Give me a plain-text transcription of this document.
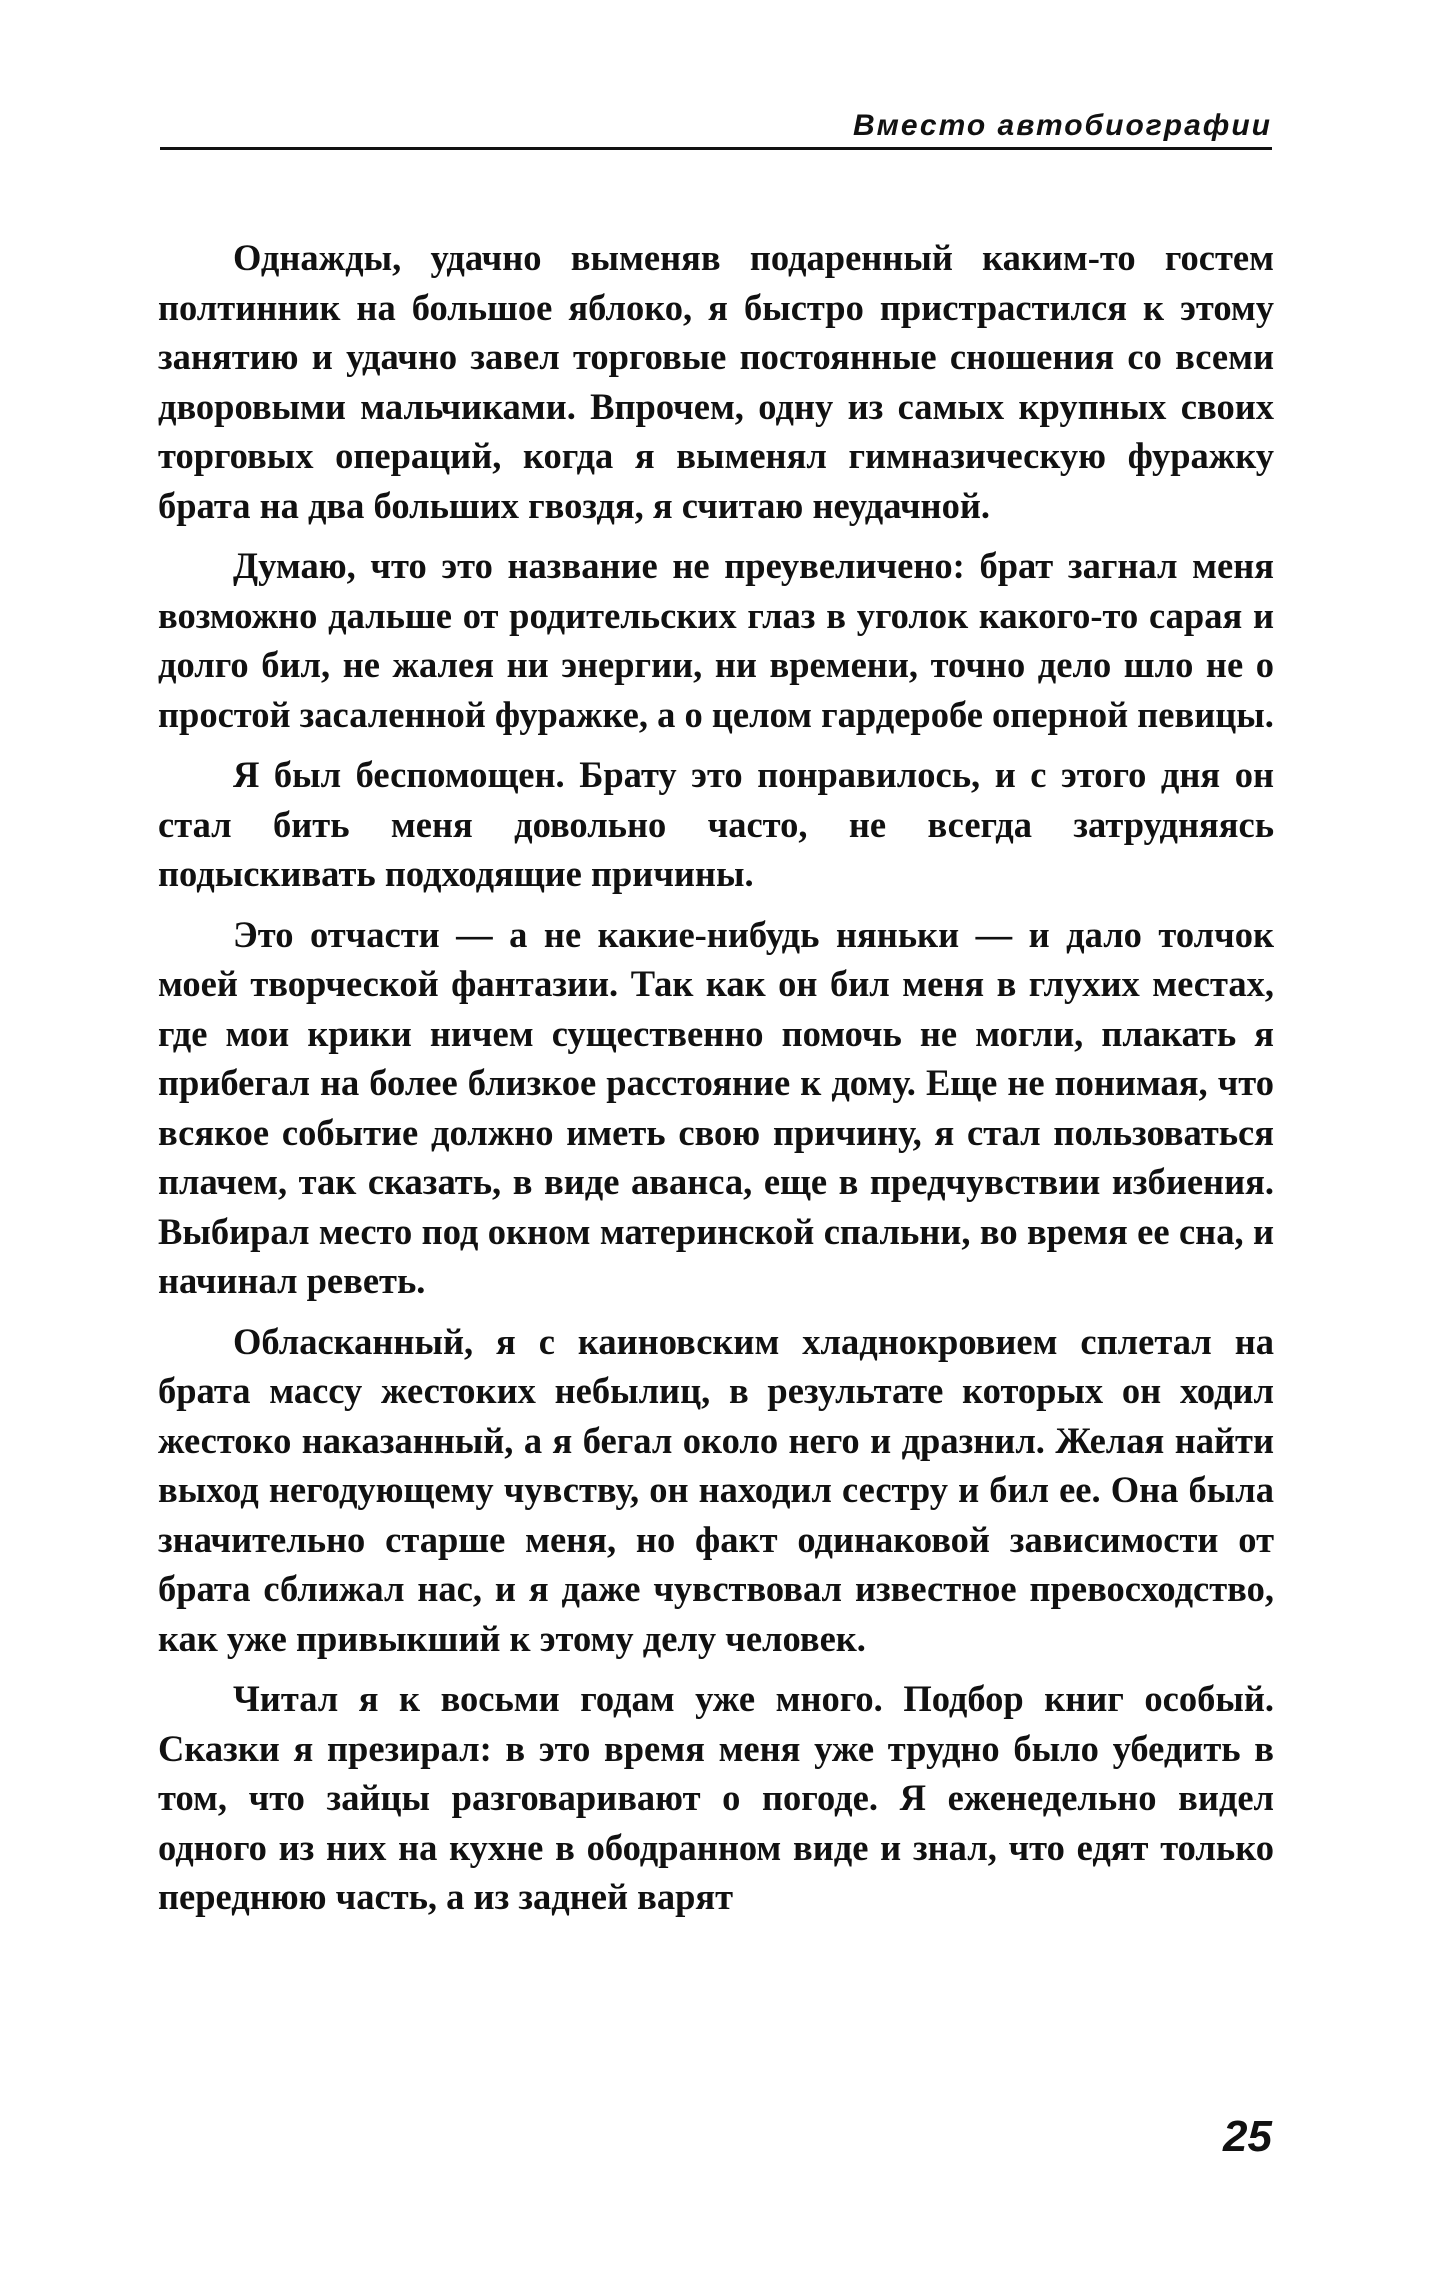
Вместо автобиографии

Однажды, удачно выменяв подаренный каким-то гостем полтинник на большое яблоко, я быстро пристрастился к этому занятию и удачно завел торговые постоянные сношения со всеми дворовыми мальчиками. Впрочем, одну из самых крупных своих торговых операций, когда я выменял гимназическую фуражку брата на два больших гвоздя, я считаю неудачной.

Думаю, что это название не преувеличено: брат загнал меня возможно дальше от родительских глаз в уголок какого-то сарая и долго бил, не жалея ни энергии, ни времени, точно дело шло не о простой засаленной фуражке, а о целом гардеробе оперной певицы.

Я был беспомощен. Брату это понравилось, и с этого дня он стал бить меня довольно часто, не всегда затрудняясь подыскивать подходящие причины.

Это отчасти — а не какие-нибудь няньки — и дало толчок моей творческой фантазии. Так как он бил меня в глухих местах, где мои крики ничем существенно помочь не могли, плакать я прибегал на более близкое расстояние к дому. Еще не понимая, что всякое событие должно иметь свою причину, я стал пользоваться плачем, так сказать, в виде аванса, еще в предчувствии избиения. Выбирал место под окном материнской спальни, во время ее сна, и начинал реветь.

Обласканный, я с каиновским хладнокровием сплетал на брата массу жестоких небылиц, в результате которых он ходил жестоко наказанный, а я бегал около него и дразнил. Желая найти выход негодующему чувству, он находил сестру и бил ее. Она была значительно старше меня, но факт одинаковой зависимости от брата сближал нас, и я даже чувствовал известное превосходство, как уже привыкший к этому делу человек.

Читал я к восьми годам уже много. Подбор книг особый. Сказки я презирал: в это время меня уже трудно было убедить в том, что зайцы разговаривают о погоде. Я еженедельно видел одного из них на кухне в ободранном виде и знал, что едят только переднюю часть, а из задней варят

25
